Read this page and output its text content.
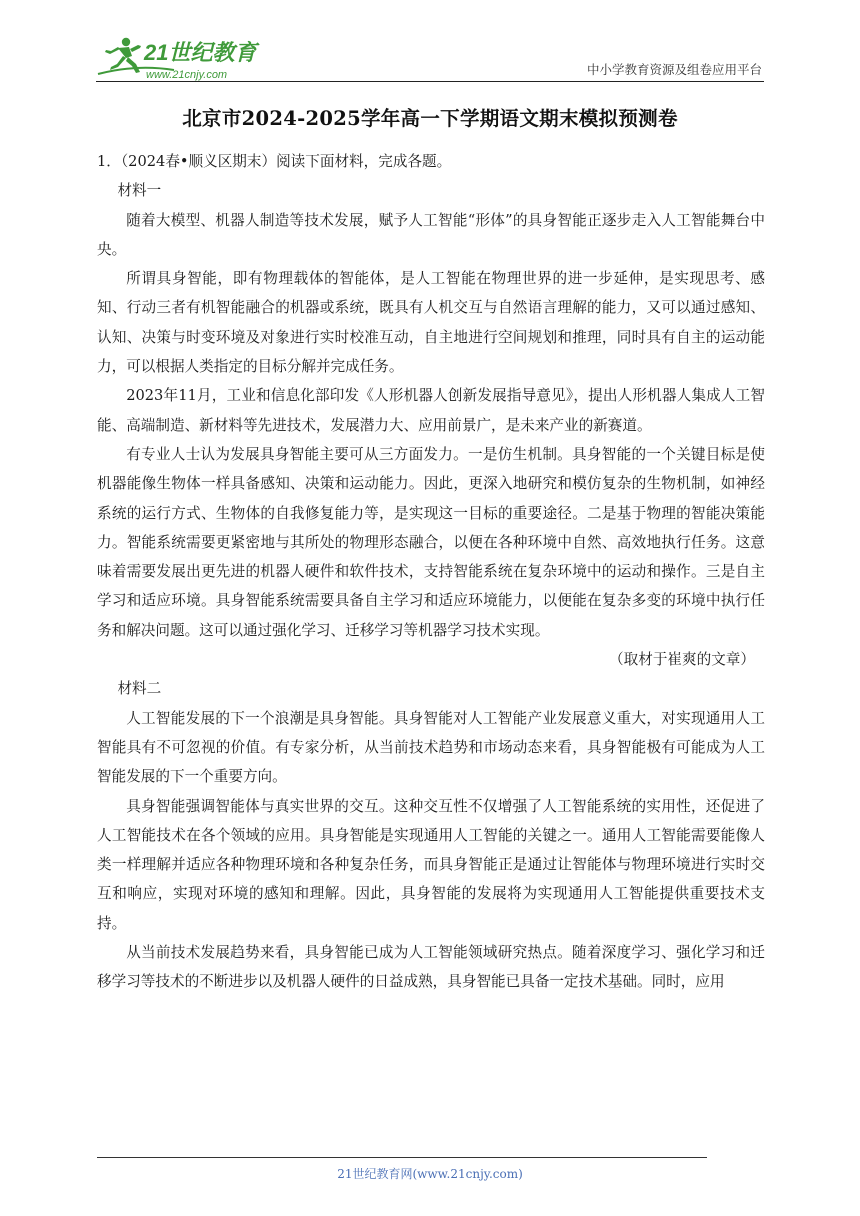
21世纪教育
www.21cnjy.com	中小学教育资源及组卷应用平台
北京市2024-2025学年高一下学期语文期末模拟预测卷

1．（2024春•顺义区期末）阅读下面材料，完成各题。

材料一

随着大模型、机器人制造等技术发展，赋予人工智能“形体”的具身智能正逐步走入人工智能舞台中央。

所谓具身智能，即有物理载体的智能体，是人工智能在物理世界的进一步延伸，是实现思考、感知、行动三者有机智能融合的机器或系统，既具有人机交互与自然语言理解的能力，又可以通过感知、认知、决策与时变环境及对象进行实时校准互动，自主地进行空间规划和推理，同时具有自主的运动能力，可以根据人类指定的目标分解并完成任务。

2023年11月，工业和信息化部印发《人形机器人创新发展指导意见》，提出人形机器人集成人工智能、高端制造、新材料等先进技术，发展潜力大、应用前景广，是未来产业的新赛道。

有专业人士认为发展具身智能主要可从三方面发力。一是仿生机制。具身智能的一个关键目标是使机器能像生物体一样具备感知、决策和运动能力。因此，更深入地研究和模仿复杂的生物机制，如神经系统的运行方式、生物体的自我修复能力等，是实现这一目标的重要途径。二是基于物理的智能决策能力。智能系统需要更紧密地与其所处的物理形态融合，以便在各种环境中自然、高效地执行任务。这意味着需要发展出更先进的机器人硬件和软件技术，支持智能系统在复杂环境中的运动和操作。三是自主学习和适应环境。具身智能系统需要具备自主学习和适应环境能力，以便能在复杂多变的环境中执行任务和解决问题。这可以通过强化学习、迁移学习等机器学习技术实现。

（取材于崔爽的文章）

材料二

人工智能发展的下一个浪潮是具身智能。具身智能对人工智能产业发展意义重大，对实现通用人工智能具有不可忽视的价值。有专家分析，从当前技术趋势和市场动态来看，具身智能极有可能成为人工智能发展的下一个重要方向。

具身智能强调智能体与真实世界的交互。这种交互性不仅增强了人工智能系统的实用性，还促进了人工智能技术在各个领域的应用。具身智能是实现通用人工智能的关键之一。通用人工智能需要能像人类一样理解并适应各种物理环境和各种复杂任务，而具身智能正是通过让智能体与物理环境进行实时交互和响应，实现对环境的感知和理解。因此，具身智能的发展将为实现通用人工智能提供重要技术支持。

从当前技术发展趋势来看，具身智能已成为人工智能领域研究热点。随着深度学习、强化学习和迁移学习等技术的不断进步以及机器人硬件的日益成熟，具身智能已具备一定技术基础。同时，应用

21世纪教育网(www.21cnjy.com)
